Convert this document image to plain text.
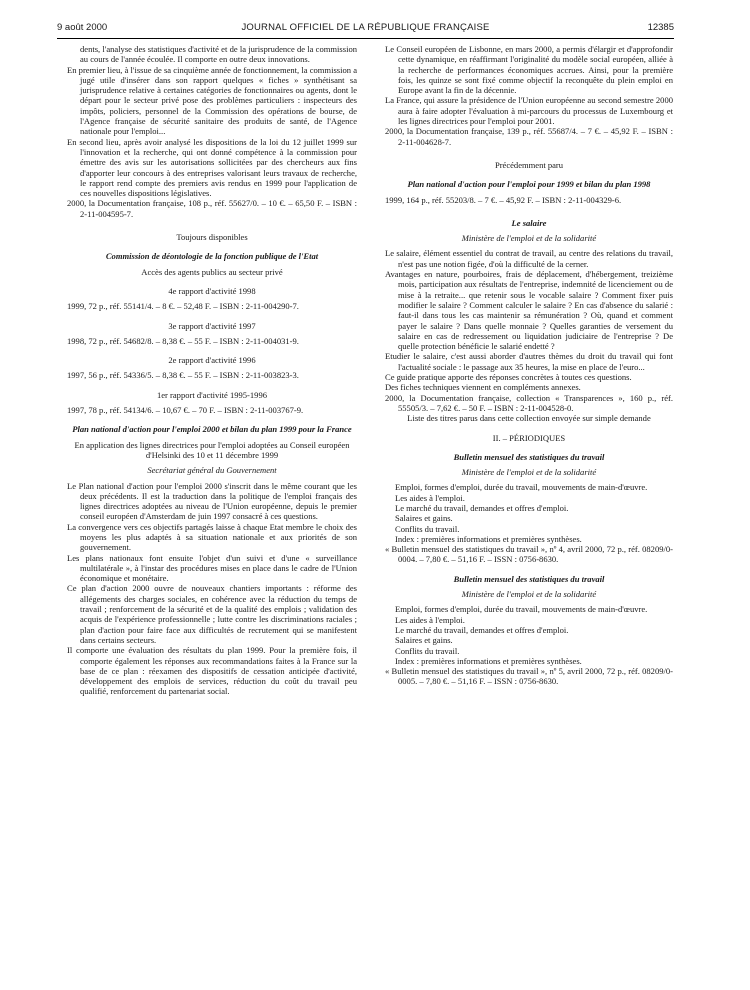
9 août 2000	JOURNAL OFFICIEL DE LA RÉPUBLIQUE FRANÇAISE	12385

dents, l'analyse des statistiques d'activité et de la jurisprudence de la commission au cours de l'année écoulée. Il comporte en outre deux innovations.

En premier lieu, à l'issue de sa cinquième année de fonctionnement, la commission a jugé utile d'insérer dans son rapport quelques « fiches » synthétisant sa jurisprudence relative à certaines catégories de fonctionnaires ou agents, dont le départ pour le secteur privé pose des problèmes particuliers : inspecteurs des impôts, policiers, personnel de la Commission des opérations de bourse, de l'Agence française de sécurité sanitaire des produits de santé, de l'Agence nationale pour l'emploi...

En second lieu, après avoir analysé les dispositions de la loi du 12 juillet 1999 sur l'innovation et la recherche, qui ont donné compétence à la commission pour émettre des avis sur les autorisations sollicitées par des chercheurs aux fins d'apporter leur concours à des entreprises valorisant leurs travaux de recherche, le rapport rend compte des premiers avis rendus en 1999 pour l'application de ces nouvelles dispositions législatives.

2000, la Documentation française, 108 p., réf. 55627/0. – 10 €. – 65,50 F. – ISBN : 2-11-004595-7.

Toujours disponibles

Commission de déontologie de la fonction publique de l'Etat

Accès des agents publics au secteur privé

4e rapport d'activité 1998

1999, 72 p., réf. 55141/4. – 8 €. – 52,48 F. – ISBN : 2-11-004290-7.

3e rapport d'activité 1997

1998, 72 p., réf. 54682/8. – 8,38 €. – 55 F. – ISBN : 2-11-004031-9.

2e rapport d'activité 1996

1997, 56 p., réf. 54336/5. – 8,38 €. – 55 F. – ISBN : 2-11-003823-3.

1er rapport d'activité 1995-1996

1997, 78 p., réf. 54134/6. – 10,67 €. – 70 F. – ISBN : 2-11-003767-9.

Plan national d'action pour l'emploi 2000 et bilan du plan 1999 pour la France

En application des lignes directrices pour l'emploi adoptées au Conseil européen d'Helsinki des 10 et 11 décembre 1999

Secrétariat général du Gouvernement

Le Plan national d'action pour l'emploi 2000 s'inscrit dans le même courant que les deux précédents. Il est la traduction dans la politique de l'emploi français des lignes directrices adoptées au niveau de l'Union européenne, depuis le premier conseil européen d'Amsterdam de juin 1997 consacré à ces questions.

La convergence vers ces objectifs partagés laisse à chaque Etat membre le choix des moyens les plus adaptés à sa situation nationale et aux priorités de son gouvernement.

Les plans nationaux font ensuite l'objet d'un suivi et d'une « surveillance multilatérale », à l'instar des procédures mises en place dans le cadre de l'Union économique et monétaire.

Ce plan d'action 2000 ouvre de nouveaux chantiers importants : réforme des allégements des charges sociales, en cohérence avec la réduction du temps de travail ; renforcement de la sécurité et de la qualité des emplois ; validation des acquis de l'expérience professionnelle ; lutte contre les discriminations raciales ; plan d'action pour faire face aux difficultés de recrutement qui se manifestent dans certains secteurs.

Il comporte une évaluation des résultats du plan 1999. Pour la première fois, il comporte également les réponses aux recommandations faites à la France sur la base de ce plan : réexamen des dispositifs de cessation anticipée d'activité, développement des emplois de services, réduction du coût du travail peu qualifié, renforcement du partenariat social.

Le Conseil européen de Lisbonne, en mars 2000, a permis d'élargir et d'approfondir cette dynamique, en réaffirmant l'originalité du modèle social européen, alliée à la recherche de performances économiques accrues. Ainsi, pour la première fois, les quinze se sont fixé comme objectif la reconquête du plein emploi en Europe avant la fin de la décennie.

La France, qui assure la présidence de l'Union européenne au second semestre 2000 aura à faire adopter l'évaluation à mi-parcours du processus de Luxembourg et les lignes directrices pour l'emploi pour 2001.

2000, la Documentation française, 139 p., réf. 55687/4. – 7 €. – 45,92 F. – ISBN : 2-11-004628-7.

Précédemment paru

Plan national d'action pour l'emploi pour 1999 et bilan du plan 1998

1999, 164 p., réf. 55203/8. – 7 €. – 45,92 F. – ISBN : 2-11-004329-6.

Le salaire

Ministère de l'emploi et de la solidarité

Le salaire, élément essentiel du contrat de travail, au centre des relations du travail, n'est pas une notion figée, d'où la difficulté de la cerner.

Avantages en nature, pourboires, frais de déplacement, d'hébergement, treizième mois, participation aux résultats de l'entreprise, indemnité de licenciement ou de mise à la retraite... que retenir sous le vocable salaire ? Comment fixer puis modifier le salaire ? Comment calculer le salaire ? En cas d'absence du salarié : faut-il dans tous les cas maintenir sa rémunération ? Où, quand et comment payer le salaire ? Dans quelle monnaie ? Quelles garanties de versement du salaire en cas de redressement ou liquidation judiciaire de l'entreprise ? De quelle protection bénéficie le salarié endetté ?

Etudier le salaire, c'est aussi aborder d'autres thèmes du droit du travail qui font l'actualité sociale : le passage aux 35 heures, la mise en place de l'euro...

Ce guide pratique apporte des réponses concrètes à toutes ces questions.

Des fiches techniques viennent en compléments annexes.

2000, la Documentation française, collection « Transparences », 160 p., réf. 55505/3. – 7,62 €. – 50 F. – ISBN : 2-11-004528-0.

Liste des titres parus dans cette collection envoyée sur simple demande

II. – PÉRIODIQUES

Bulletin mensuel des statistiques du travail

Ministère de l'emploi et de la solidarité

Emploi, formes d'emploi, durée du travail, mouvements de main-d'œuvre.

Les aides à l'emploi.

Le marché du travail, demandes et offres d'emploi.

Salaires et gains.

Conflits du travail.

Index : premières informations et premières synthèses.

« Bulletin mensuel des statistiques du travail », nº 4, avril 2000, 72 p., réf. 08209/0-0004. – 7,80 €. – 51,16 F. – ISSN : 0756-8630.

Bulletin mensuel des statistiques du travail

Ministère de l'emploi et de la solidarité

Emploi, formes d'emploi, durée du travail, mouvements de main-d'œuvre.

Les aides à l'emploi.

Le marché du travail, demandes et offres d'emploi.

Salaires et gains.

Conflits du travail.

Index : premières informations et premières synthèses.

« Bulletin mensuel des statistiques du travail », nº 5, avril 2000, 72 p., réf. 08209/0-0005. – 7,80 €. – 51,16 F. – ISSN : 0756-8630.
